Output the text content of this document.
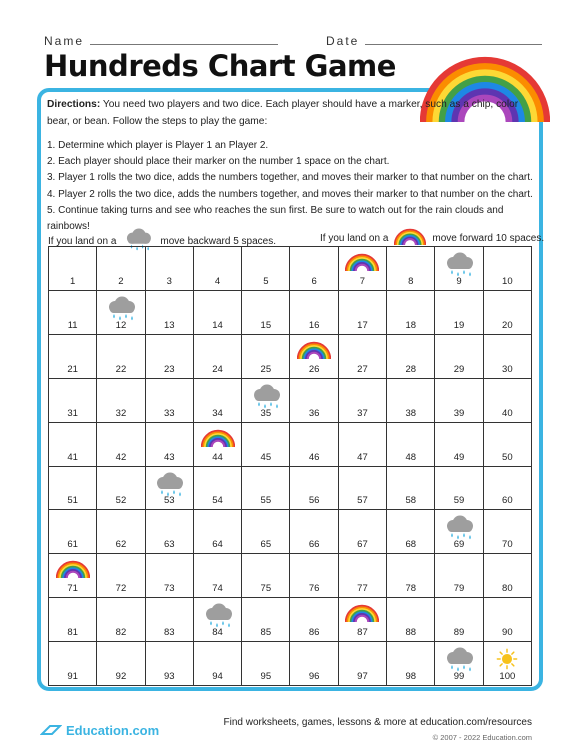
Name	Date
Hundreds Chart Game
Directions: You need two players and two dice. Each player should have a marker, such as a chip, color bear, or bean. Follow the steps to play the game:
1. Determine which player is Player 1 an Player 2.
2. Each player should place their marker on the number 1 space on the chart.
3. Player 1 rolls the two dice, adds the numbers together, and moves their marker to that number on the chart.
4. Player 2 rolls the two dice, adds the numbers together, and moves their marker to that number on the chart.
5. Continue taking turns and see who reaches the sun first. Be sure to watch out for the rain clouds and rainbows!
If you land on a	move backward 5 spaces.	If you land on a	move forward 10 spaces.
1	2	3	4	5	6	7	8	9	10
11	12	13	14	15	16	17	18	19	20
21	22	23	24	25	26	27	28	29	30
31	32	33	34	35	36	37	38	39	40
41	42	43	44	45	46	47	48	49	50
51	52	53	54	55	56	57	58	59	60
61	62	63	64	65	66	67	68	69	70
71	72	73	74	75	76	77	78	79	80
81	82	83	84	85	86	87	88	89	90
91	92	93	94	95	96	97	98	99	100
Education.com	Find worksheets, games, lessons & more at education.com/resources
© 2007 - 2022 Education.com
